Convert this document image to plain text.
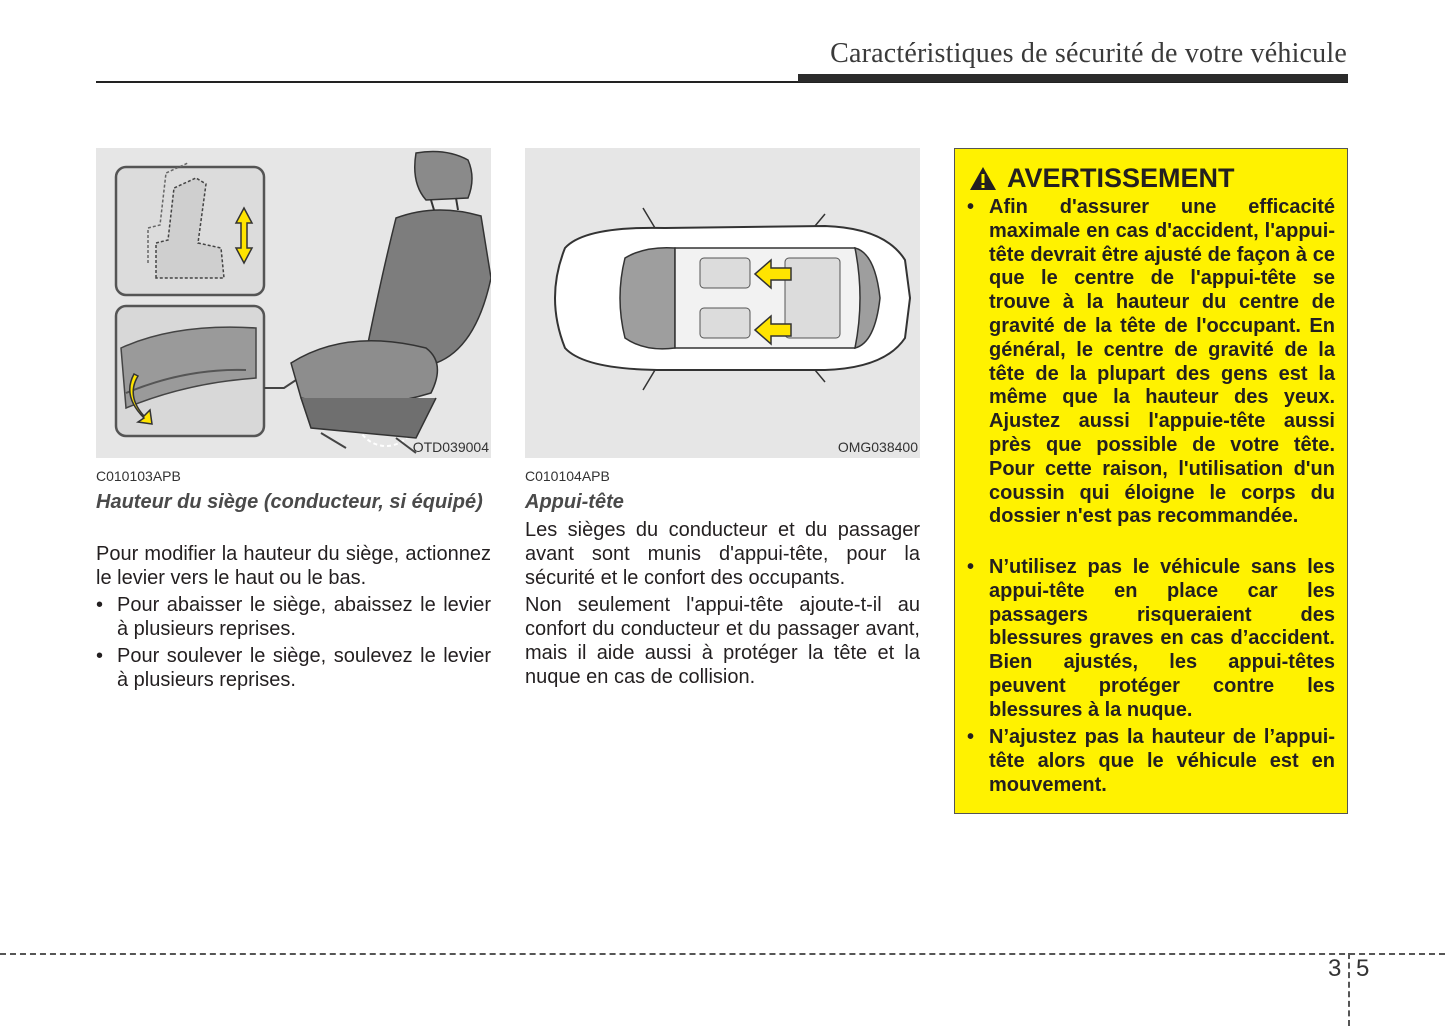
Caractéristiques de sécurité de votre véhicule
OTD039004	OMG038400
C010103APB
Hauteur du siège (conducteur, si équipé)
Pour modifier la hauteur du siège, actionnez le levier vers le haut ou le bas.
• Pour abaisser le siège, abaissez le levier à plusieurs reprises.
• Pour soulever le siège, soulevez le levier à plusieurs reprises.
C010104APB
Appui-tête
Les sièges du conducteur et du passager avant sont munis d'appui-tête, pour la sécurité et le confort des occupants.
Non seulement l'appui-tête ajoute-t-il au confort du conducteur et du passager avant, mais il aide aussi à protéger la tête et la nuque en cas de collision.
AVERTISSEMENT
• Afin d'assurer une efficacité maximale en cas d'accident, l'appui-tête devrait être ajusté de façon à ce que le centre de l'appui-tête se trouve à la hauteur du centre de gravité de la tête de l'occupant. En général, le centre de gravité de la tête de la plupart des gens est la même que la hauteur des yeux. Ajustez aussi l'appuie-tête aussi près que possible de votre tête. Pour cette raison, l'utilisation d'un coussin qui éloigne le corps du dossier n'est pas recommandée.
• N’utilisez pas le véhicule sans les appui-tête en place car les passagers risqueraient des blessures graves en cas d’accident. Bien ajustés, les appui-têtes peuvent protéger contre les blessures à la nuque.
• N’ajustez pas la hauteur de l’appui-tête alors que le véhicule est en mouvement.
3 5
